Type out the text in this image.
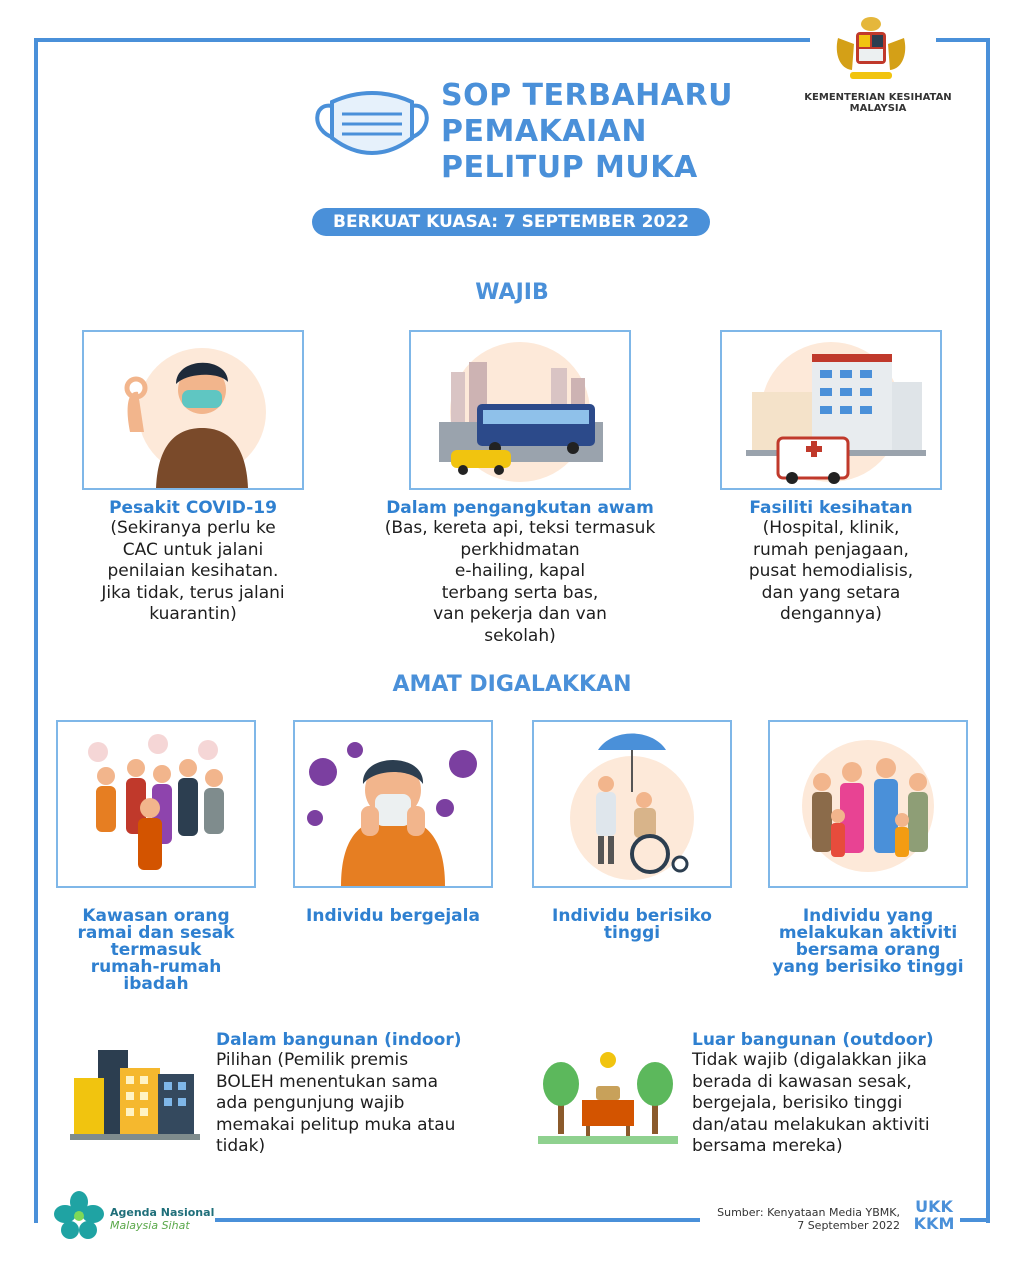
KEMENTERIAN KESIHATAN MALAYSIA
SOP TERBAHARU
PEMAKAIAN
PELITUP MUKA
BERKUAT KUASA: 7 SEPTEMBER 2022
WAJIB
Pesakit COVID-19
(Sekiranya perlu ke
CAC untuk jalani
penilaian kesihatan.
Jika tidak, terus jalani
kuarantin)
Dalam pengangkutan awam
(Bas, kereta api, teksi termasuk
perkhidmatan
e-hailing, kapal
terbang serta bas,
van pekerja dan van
sekolah)
Fasiliti kesihatan
(Hospital, klinik,
rumah penjagaan,
pusat hemodialisis,
dan yang setara
dengannya)
AMAT DIGALAKKAN
Kawasan orang
ramai dan sesak
termasuk
rumah-rumah
ibadah
Individu bergejala	Individu berisiko
tinggi
Individu yang
melakukan aktiviti
bersama orang
yang berisiko tinggi
Dalam bangunan (indoor)
Pilihan (Pemilik premis
BOLEH menentukan sama
ada pengunjung wajib
memakai pelitup muka atau
tidak)
Luar bangunan (outdoor)
Tidak wajib (digalakkan jika
berada di kawasan sesak,
bergejala, berisiko tinggi
dan/atau melakukan aktiviti
bersama mereka)
Agenda Nasional
Malaysia Sihat
Sumber: Kenyataan Media YBMK,
7 September 2022
UKK
KKM
